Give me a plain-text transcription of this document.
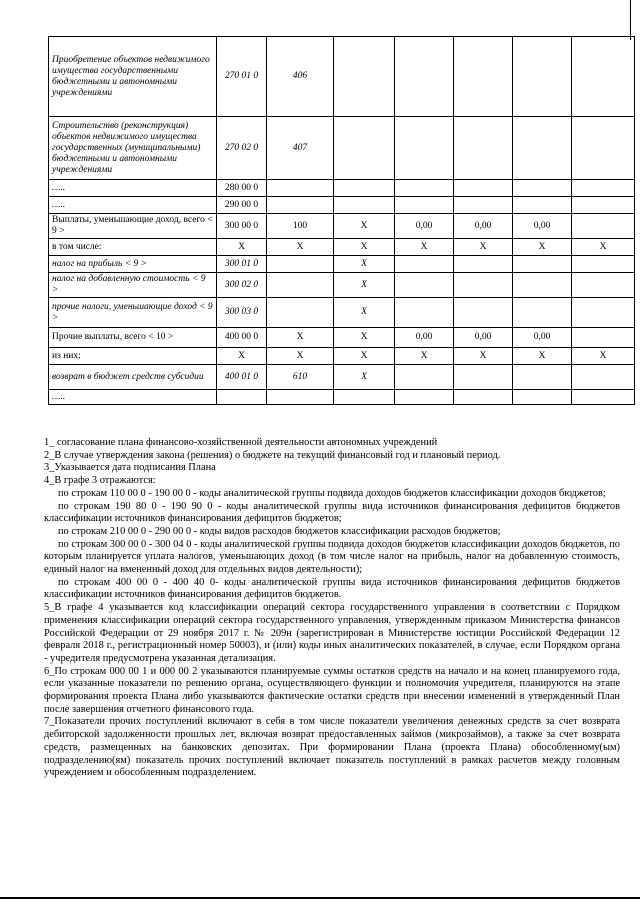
Приобретение объектов недвижимого имущества государственными бюджетными и автономными учреждениями	270 01 0	406					
Строительство (реконструкция) объектов недвижимого имущества государственных (муниципальными) бюджетными и автономными учреждениями	270 02 0	407					
…..	280 00 0						
…..	290 00 0						
Выплаты, уменьшающие доход, всего < 9 >	300 00 0	100	X	0,00	0,00	0,00	
в том числе:	X	X	X	X	X	X	X
налог на прибыль < 9 >	300 01 0		X				
налог на добавленную стоимость < 9 >	300 02 0		X				
прочие налоги, уменьшающие доход < 9 >	300 03 0		X				
Прочие выплаты, всего < 10 >	400 00 0	X	X	0,00	0,00	0,00	
из них:	X	X	X	X	X	X	X
возврат в бюджет средств субсидии	400 01 0	610	X				
…..							

1_ согласование плана финансово-хозяйственной деятельности автономных учреждений

2_В случае утверждения закона (решения) о бюджете на текущий финансовый год и плановый период.

3_Указывается дата подписания Плана

4_В графе 3 отражаются:

по строкам 110 00 0 - 190 00 0 - коды аналитической группы подвида доходов бюджетов классификации доходов бюджетов;

по строкам 190 80 0 - 190 90 0 - коды аналитической группы вида источников финансирования дефицитов бюджетов классификации источников финансирования дефицитов бюджетов;

по строкам 210 00 0 - 290 00 0 - коды видов расходов бюджетов классификации расходов бюджетов;

по строкам 300 00 0 - 300 04 0 - коды аналитической группы подвида доходов бюджетов классификации доходов бюджетов, по которым планируется уплата налогов, уменьшающих доход (в том числе налог на прибыль, налог на добавленную стоимость, единый налог на вмененный доход для отдельных видов деятельности);

по строкам 400 00 0 - 400 40 0- коды аналитической группы вида источников финансирования дефицитов бюджетов классификации источников финансирования дефицитов бюджетов.

5_В графе 4 указывается код классификации операций сектора государственного управления в соответствии с Порядком применения классификации операций сектора государственного управления, утвержденным приказом Министерства финансов Российской Федерации от 29 ноября 2017 г. № 209н (зарегистрирован в Министерстве юстиции Российской Федерации 12 февраля 2018 г., регистрационный номер 50003), и (или) коды иных аналитических показателей, в случае, если Порядком органа - учредителя предусмотрена указанная детализация.

6_По строкам 000 00 1 и 000 00 2 указываются планируемые суммы остатков средств на начало и на конец планируемого года, если указанные показатели по решению органа, осуществляющего функции и полномочия учредителя, планируются на этапе формирования проекта Плана либо указываются фактические остатки средств при внесении изменений в утвержденный План после завершения отчетного финансового года.

7_Показатели прочих поступлений включают в себя в том числе показатели увеличения денежных средств за счет возврата дебиторской задолженности прошлых лет, включая возврат предоставленных займов (микрозаймов), а также за счет возврата средств, размещенных на банковских депозитах. При формировании Плана (проекта Плана) обособленному(ым) подразделению(ям) показатель прочих поступлений включает показатель поступлений в рамках расчетов между головным учреждением и обособленным подразделением.
